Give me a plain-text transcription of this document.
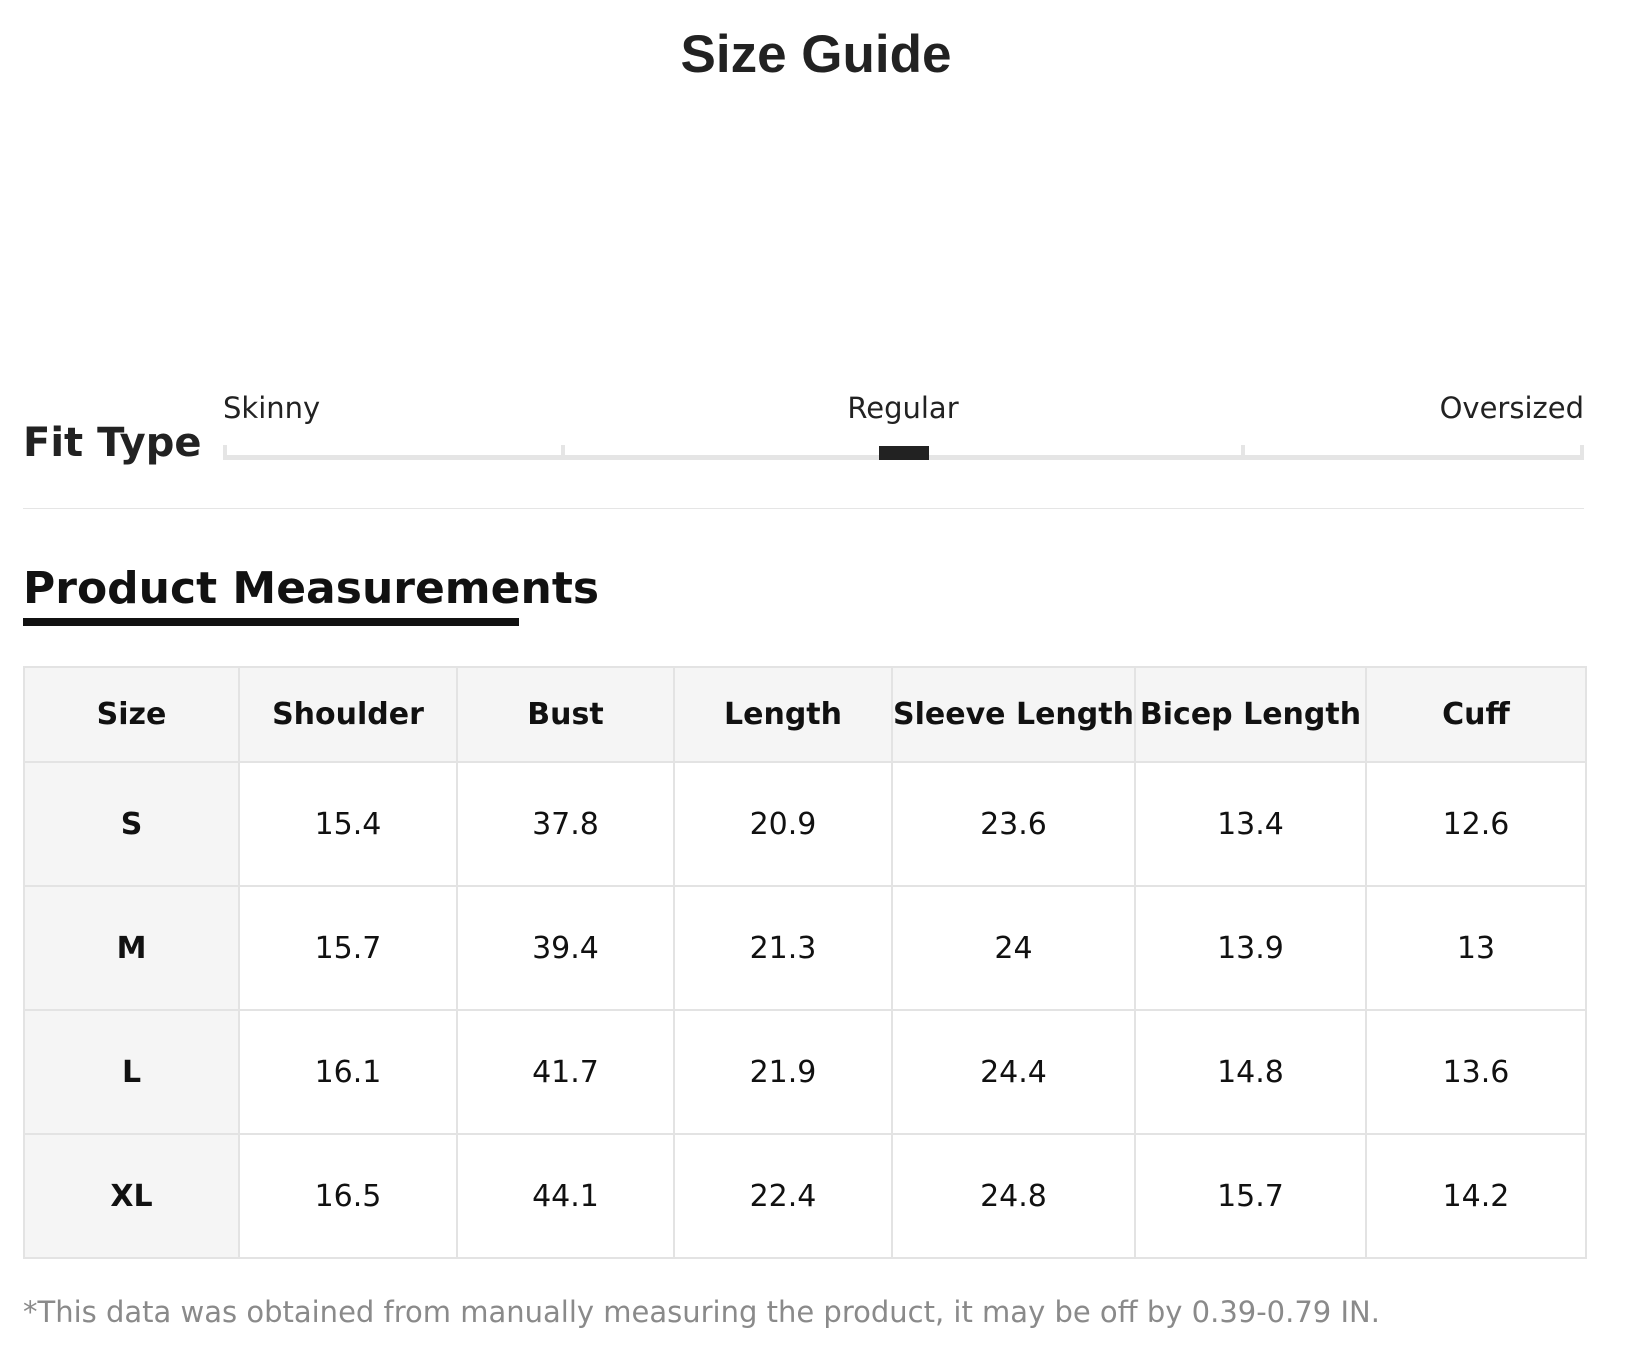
Size Guide
Fit Type
Skinny	Regular	Oversized
Product Measurements
Size	Shoulder	Bust	Length	Sleeve Length	Bicep Length	Cuff
S	15.4	37.8	20.9	23.6	13.4	12.6
M	15.7	39.4	21.3	24	13.9	13
L	16.1	41.7	21.9	24.4	14.8	13.6
XL	16.5	44.1	22.4	24.8	15.7	14.2
*This data was obtained from manually measuring the product, it may be off by 0.39-0.79 IN.
